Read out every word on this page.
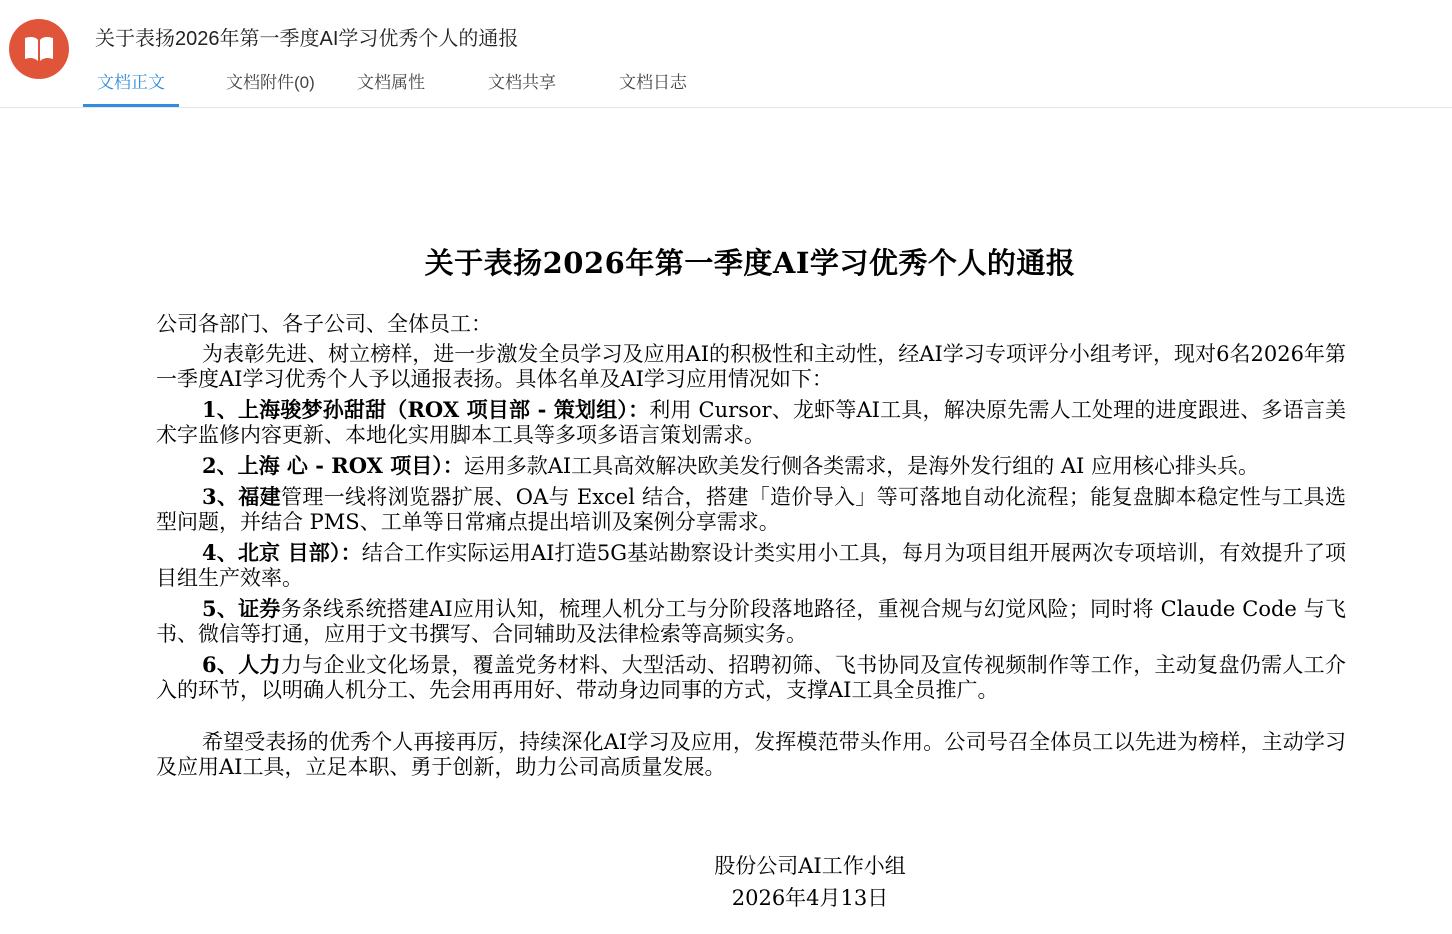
关于表扬2026年第一季度AI学习优秀个人的通报
文档正文	文档附件(0) 文档属性	文档共享	文档日志
关于表扬2026年第一季度AI学习优秀个人的通报

公司各部门、各子公司、全体员工：

为表彰先进、树立榜样，进一步激发全员学习及应用AI的积极性和主动性，经AI学习专项评分小组考评，现对6名2026年第一季度AI学习优秀个人予以通报表扬。具体名单及AI学习应用情况如下：

1、上海骏梦孙甜甜（ROX 项目部 - 策划组）：利用 Cursor、龙虾等AI工具，解决原先需人工处理的进度跟进、多语言美术字监修内容更新、本地化实用脚本工具等多项多语言策划需求。

2、上海 心 - ROX 项目）：运用多款AI工具高效解决欧美发行侧各类需求，是海外发行组的 AI 应用核心排头兵。

3、福建管理一线将浏览器扩展、OA与 Excel 结合，搭建「造价导入」等可落地自动化流程；能复盘脚本稳定性与工具选型问题，并结合 PMS、工单等日常痛点提出培训及案例分享需求。

4、北京 目部）：结合工作实际运用AI打造5G基站勘察设计类实用小工具，每月为项目组开展两次专项培训，有效提升了项目组生产效率。

5、证券务条线系统搭建AI应用认知，梳理人机分工与分阶段落地路径，重视合规与幻觉风险；同时将 Claude Code 与飞书、微信等打通，应用于文书撰写、合同辅助及法律检索等高频实务。

6、人力力与企业文化场景，覆盖党务材料、大型活动、招聘初筛、飞书协同及宣传视频制作等工作，主动复盘仍需人工介入的环节，以明确人机分工、先会用再用好、带动身边同事的方式，支撑AI工具全员推广。

希望受表扬的优秀个人再接再厉，持续深化AI学习及应用，发挥模范带头作用。公司号召全体员工以先进为榜样，主动学习及应用AI工具，立足本职、勇于创新，助力公司高质量发展。

股份公司AI工作小组
2026年4月13日
